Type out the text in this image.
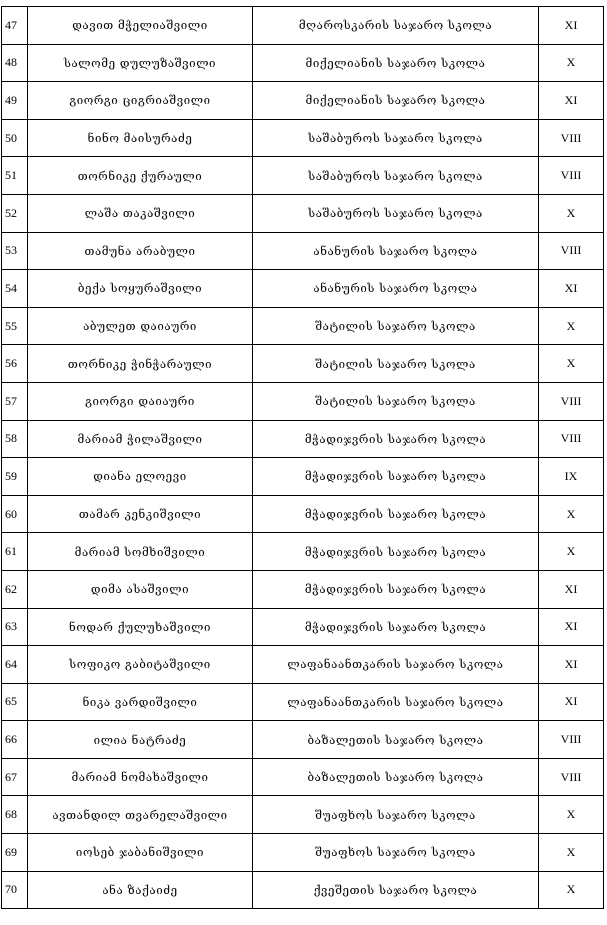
47	დავით მჭელიაშვილი	მღაროსკარის საჯარო სკოლა	XI
48	სალომე დულუზაშვილი	მიქელიანის საჯარო სკოლა	X
49	გიორგი ციგრიაშვილი	მიქელიანის საჯარო სკოლა	XI
50	ნინო მაისურაძე	საშაბუროს საჯარო სკოლა	VIII
51	თორნიკე ქურაული	საშაბუროს საჯარო სკოლა	VIII
52	ლაშა თაკაშვილი	საშაბუროს საჯარო სკოლა	X
53	თამუნა არაბული	ანანურის საჯარო სკოლა	VIII
54	ბექა სოყურაშვილი	ანანურის საჯარო სკოლა	XI
55	აბულეთ დაიაური	შატილის საჯარო სკოლა	X
56	თორნიკე ჭინჭარაული	შატილის საჯარო სკოლა	X
57	გიორგი დაიაური	შატილის საჯარო სკოლა	VIII
58	მარიამ ჭილაშვილი	მჭადიჯვრის საჯარო სკოლა	VIII
59	დიანა ელოევი	მჭადიჯვრის საჯარო სკოლა	IX
60	თამარ კენკიშვილი	მჭადიჯვრის საჯარო სკოლა	X
61	მარიამ სომხიშვილი	მჭადიჯვრის საჯარო სკოლა	X
62	დიმა ასაშვილი	მჭადიჯვრის საჯარო სკოლა	XI
63	ნოდარ ქულუხაშვილი	მჭადიჯვრის საჯარო სკოლა	XI
64	სოფიკო გაბიტაშვილი	ლაფანაანთკარის საჯარო სკოლა	XI
65	ნიკა ვარდიშვილი	ლაფანაანთკარის საჯარო სკოლა	XI
66	ილია ნატრაძე	ბაზალეთის საჯარო სკოლა	VIII
67	მარიამ ნომახაშვილი	ბაზალეთის საჯარო სკოლა	VIII
68	ავთანდილ თვარელაშვილი	შუაფხოს საჯარო სკოლა	X
69	იოსებ ჯაბანიშვილი	შუაფხოს საჯარო სკოლა	X
70	ანა ზაქაიძე	ქვეშეთის საჯარო სკოლა	X
